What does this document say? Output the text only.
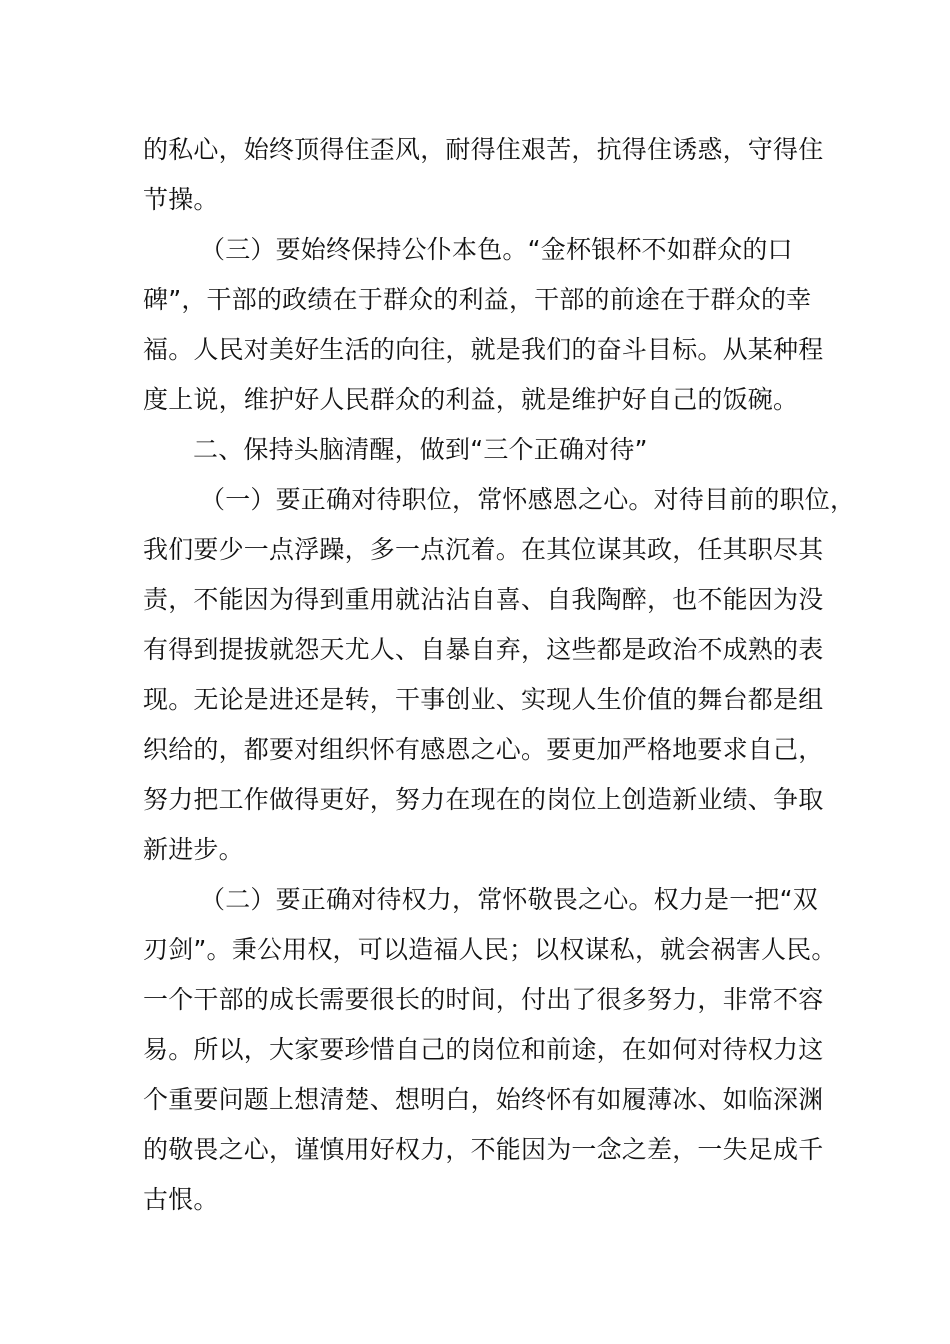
的私心，始终顶得住歪风，耐得住艰苦，抗得住诱惑，守得住
节操。
（三）要始终保持公仆本色。“金杯银杯不如群众的口
碑”，干部的政绩在于群众的利益，干部的前途在于群众的幸
福。人民对美好生活的向往，就是我们的奋斗目标。从某种程
度上说，维护好人民群众的利益，就是维护好自己的饭碗。
二、保持头脑清醒，做到“三个正确对待”
（一）要正确对待职位，常怀感恩之心。对待目前的职位，
我们要少一点浮躁，多一点沉着。在其位谋其政，任其职尽其
责，不能因为得到重用就沾沾自喜、自我陶醉，也不能因为没
有得到提拔就怨天尤人、自暴自弃，这些都是政治不成熟的表
现。无论是进还是转，干事创业、实现人生价值的舞台都是组
织给的，都要对组织怀有感恩之心。要更加严格地要求自己，
努力把工作做得更好，努力在现在的岗位上创造新业绩、争取
新进步。
（二）要正确对待权力，常怀敬畏之心。权力是一把“双
刃剑”。秉公用权，可以造福人民；以权谋私，就会祸害人民。
一个干部的成长需要很长的时间，付出了很多努力，非常不容
易。所以，大家要珍惜自己的岗位和前途，在如何对待权力这
个重要问题上想清楚、想明白，始终怀有如履薄冰、如临深渊
的敬畏之心，谨慎用好权力，不能因为一念之差，一失足成千
古恨。
